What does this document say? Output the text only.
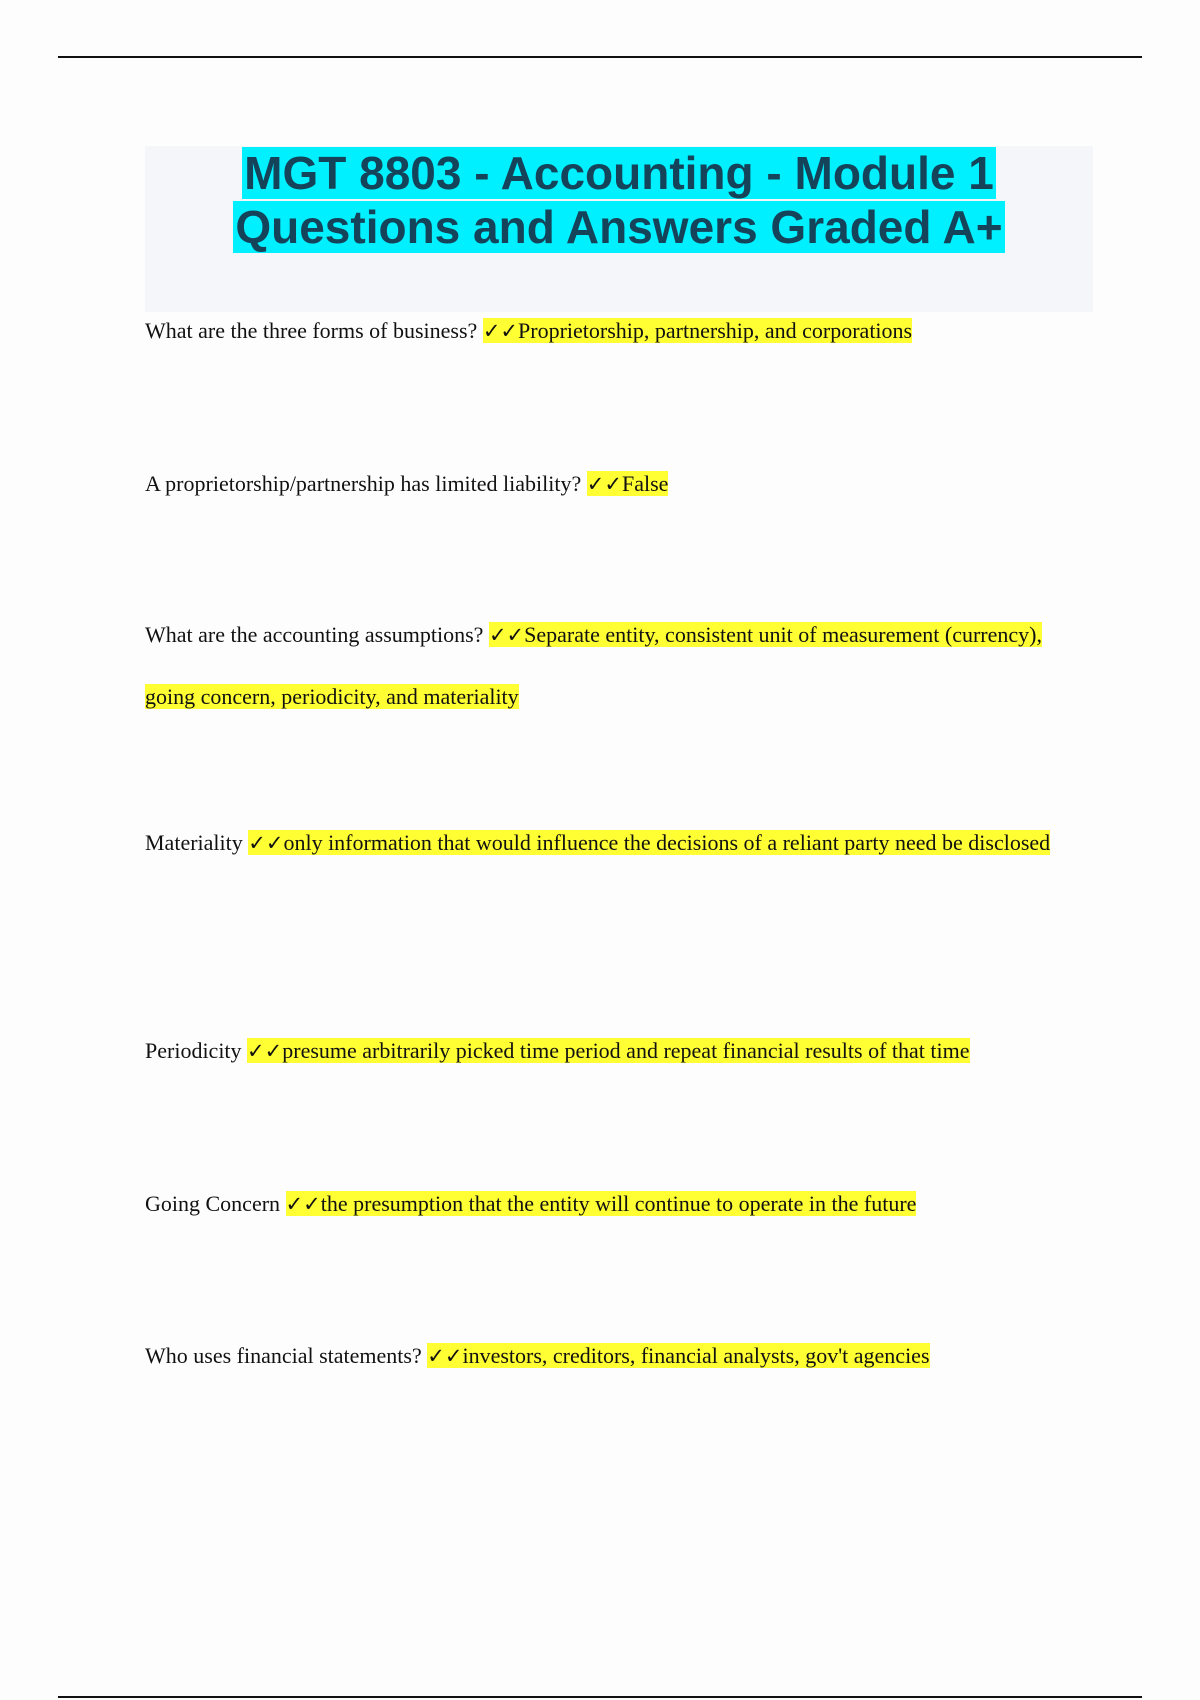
MGT 8803 - Accounting - Module 1 Questions and Answers Graded A+

What are the three forms of business? ✓✓Proprietorship, partnership, and corporations

A proprietorship/partnership has limited liability? ✓✓False

What are the accounting assumptions? ✓✓Separate entity, consistent unit of measurement (currency), going concern, periodicity, and materiality

Materiality ✓✓only information that would influence the decisions of a reliant party need be disclosed

Periodicity ✓✓presume arbitrarily picked time period and repeat financial results of that time

Going Concern ✓✓the presumption that the entity will continue to operate in the future

Who uses financial statements? ✓✓investors, creditors, financial analysts, gov't agencies
